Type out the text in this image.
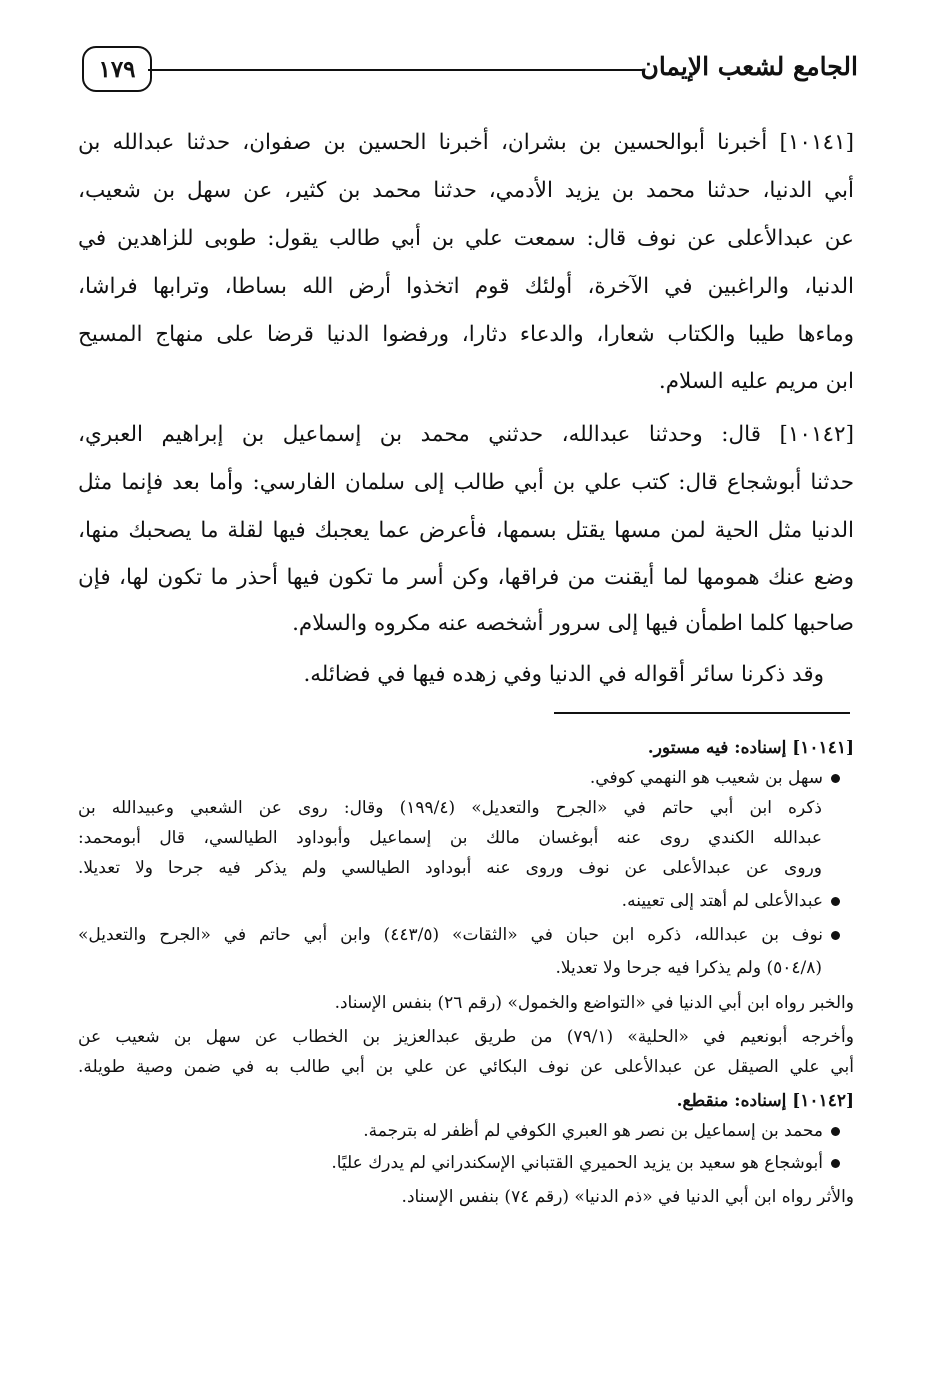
الجامع لشعب الإيمان
١٧٩
[١٠١٤١] أخبرنا أبوالحسين بن بشران، أخبرنا الحسين بن صفوان، حدثنا عبدالله بن
أبي الدنيا، حدثنا محمد بن يزيد الأدمي، حدثنا محمد بن كثير، عن سهل بن شعيب،
عن عبدالأعلى عن نوف قال: سمعت علي بن أبي طالب يقول: طوبى للزاهدين في
الدنيا، والراغبين في الآخرة، أولئك قوم اتخذوا أرض الله بساطا، وترابها فراشا،
وماءها طيبا والكتاب شعارا، والدعاء دثارا، ورفضوا الدنيا قرضا على منهاج المسيح
ابن مريم عليه السلام.
[١٠١٤٢] قال: وحدثنا عبدالله، حدثني محمد بن إسماعيل بن إبراهيم العبري،
حدثنا أبوشجاع قال: كتب علي بن أبي طالب إلى سلمان الفارسي: وأما بعد فإنما مثل
الدنيا مثل الحية لمن مسها يقتل بسمها، فأعرض عما يعجبك فيها لقلة ما يصحبك منها،
وضع عنك همومها لما أيقنت من فراقها، وكن أسر ما تكون فيها أحذر ما تكون لها، فإن
صاحبها كلما اطمأن فيها إلى سرور أشخصه عنه مكروه والسلام.
وقد ذكرنا سائر أقواله في الدنيا وفي زهده فيها في فضائله.
[١٠١٤١] إسناده: فيه مستور.
سهل بن شعيب هو النهمي كوفي.
ذكره ابن أبي حاتم في «الجرح والتعديل» (١٩٩/٤) وقال: روى عن الشعبي وعبيدالله بن
عبدالله الكندي روى عنه أبوغسان مالك بن إسماعيل وأبوداود الطيالسي، قال أبومحمد:
وروى عن عبدالأعلى عن نوف وروى عنه أبوداود الطيالسي ولم يذكر فيه جرحا ولا تعديلا.
عبدالأعلى لم أهتد إلى تعيينه.
نوف بن عبدالله، ذكره ابن حبان في «الثقات» (٤٤٣/٥) وابن أبي حاتم في «الجرح والتعديل»
(٥٠٤/٨) ولم يذكرا فيه جرحا ولا تعديلا.
والخبر رواه ابن أبي الدنيا في «التواضع والخمول» (رقم ٢٦) بنفس الإسناد.
وأخرجه أبونعيم في «الحلية» (٧٩/١) من طريق عبدالعزيز بن الخطاب عن سهل بن شعيب عن
أبي علي الصيقل عن عبدالأعلى عن نوف البكائي عن علي بن أبي طالب به في ضمن وصية طويلة.
[١٠١٤٢] إسناده: منقطع.
محمد بن إسماعيل بن نصر هو العبري الكوفي لم أظفر له بترجمة.
أبوشجاع هو سعيد بن يزيد الحميري القتباني الإسكندراني لم يدرك عليًا.
والأثر رواه ابن أبي الدنيا في «ذم الدنيا» (رقم ٧٤) بنفس الإسناد.
